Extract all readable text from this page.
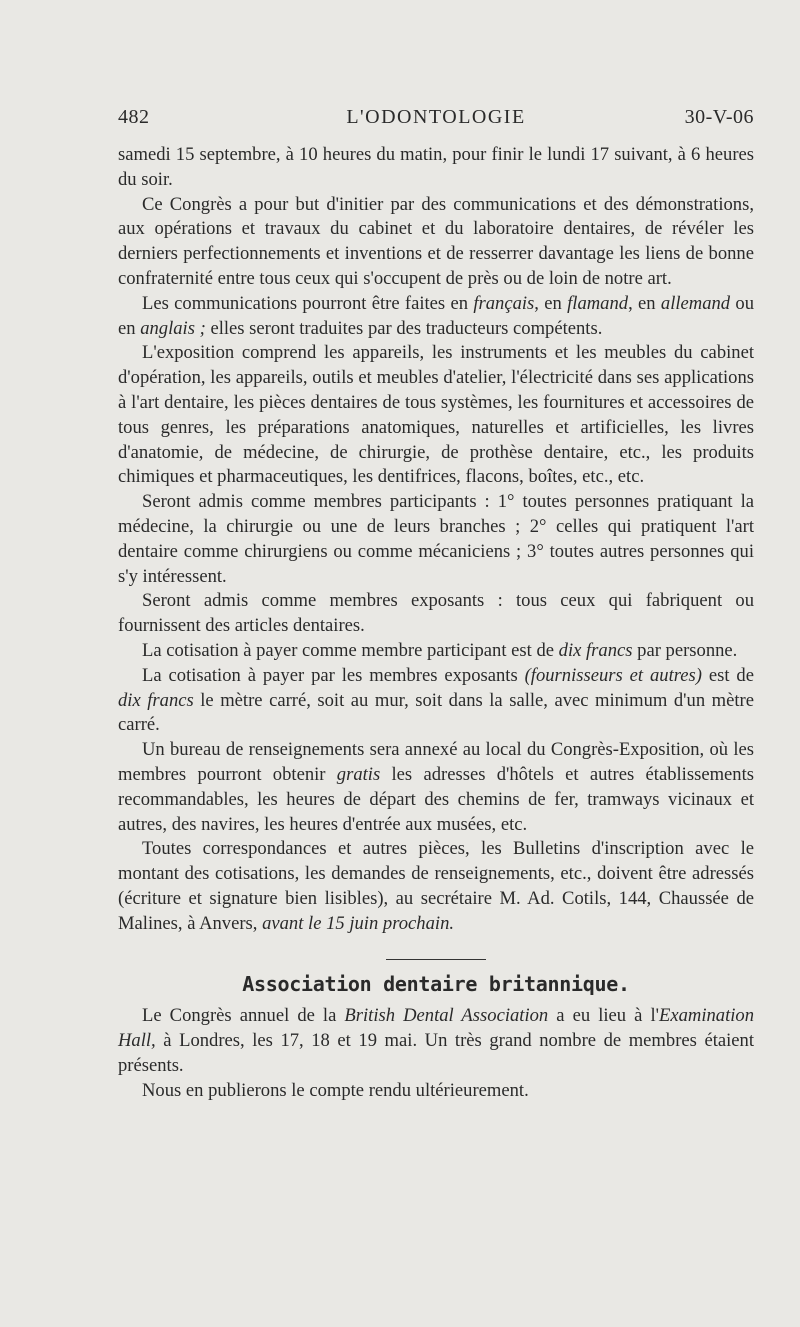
482	L'ODONTOLOGIE	30-V-06

samedi 15 septembre, à 10 heures du matin, pour finir le lundi 17 suivant, à 6 heures du soir.

Ce Congrès a pour but d'initier par des communications et des démonstrations, aux opérations et travaux du cabinet et du laboratoire dentaires, de révéler les derniers perfectionnements et inventions et de resserrer davantage les liens de bonne confraternité entre tous ceux qui s'occupent de près ou de loin de notre art.

Les communications pourront être faites en français, en flamand, en allemand ou en anglais ; elles seront traduites par des traducteurs compétents.

L'exposition comprend les appareils, les instruments et les meubles du cabinet d'opération, les appareils, outils et meubles d'atelier, l'électricité dans ses applications à l'art dentaire, les pièces dentaires de tous systèmes, les fournitures et accessoires de tous genres, les préparations anatomiques, naturelles et artificielles, les livres d'anatomie, de médecine, de chirurgie, de prothèse dentaire, etc., les produits chimiques et pharmaceutiques, les dentifrices, flacons, boîtes, etc., etc.

Seront admis comme membres participants : 1° toutes personnes pratiquant la médecine, la chirurgie ou une de leurs branches ; 2° celles qui pratiquent l'art dentaire comme chirurgiens ou comme mécaniciens ; 3° toutes autres personnes qui s'y intéressent.

Seront admis comme membres exposants : tous ceux qui fabriquent ou fournissent des articles dentaires.

La cotisation à payer comme membre participant est de dix francs par personne.

La cotisation à payer par les membres exposants (fournisseurs et autres) est de dix francs le mètre carré, soit au mur, soit dans la salle, avec minimum d'un mètre carré.

Un bureau de renseignements sera annexé au local du Congrès-Exposition, où les membres pourront obtenir gratis les adresses d'hôtels et autres établissements recommandables, les heures de départ des chemins de fer, tramways vicinaux et autres, des navires, les heures d'entrée aux musées, etc.

Toutes correspondances et autres pièces, les Bulletins d'inscription avec le montant des cotisations, les demandes de renseignements, etc., doivent être adressés (écriture et signature bien lisibles), au secrétaire M. Ad. Cotils, 144, Chaussée de Malines, à Anvers, avant le 15 juin prochain.

Association dentaire britannique.

Le Congrès annuel de la British Dental Association a eu lieu à l'Examination Hall, à Londres, les 17, 18 et 19 mai. Un très grand nombre de membres étaient présents.

Nous en publierons le compte rendu ultérieurement.
